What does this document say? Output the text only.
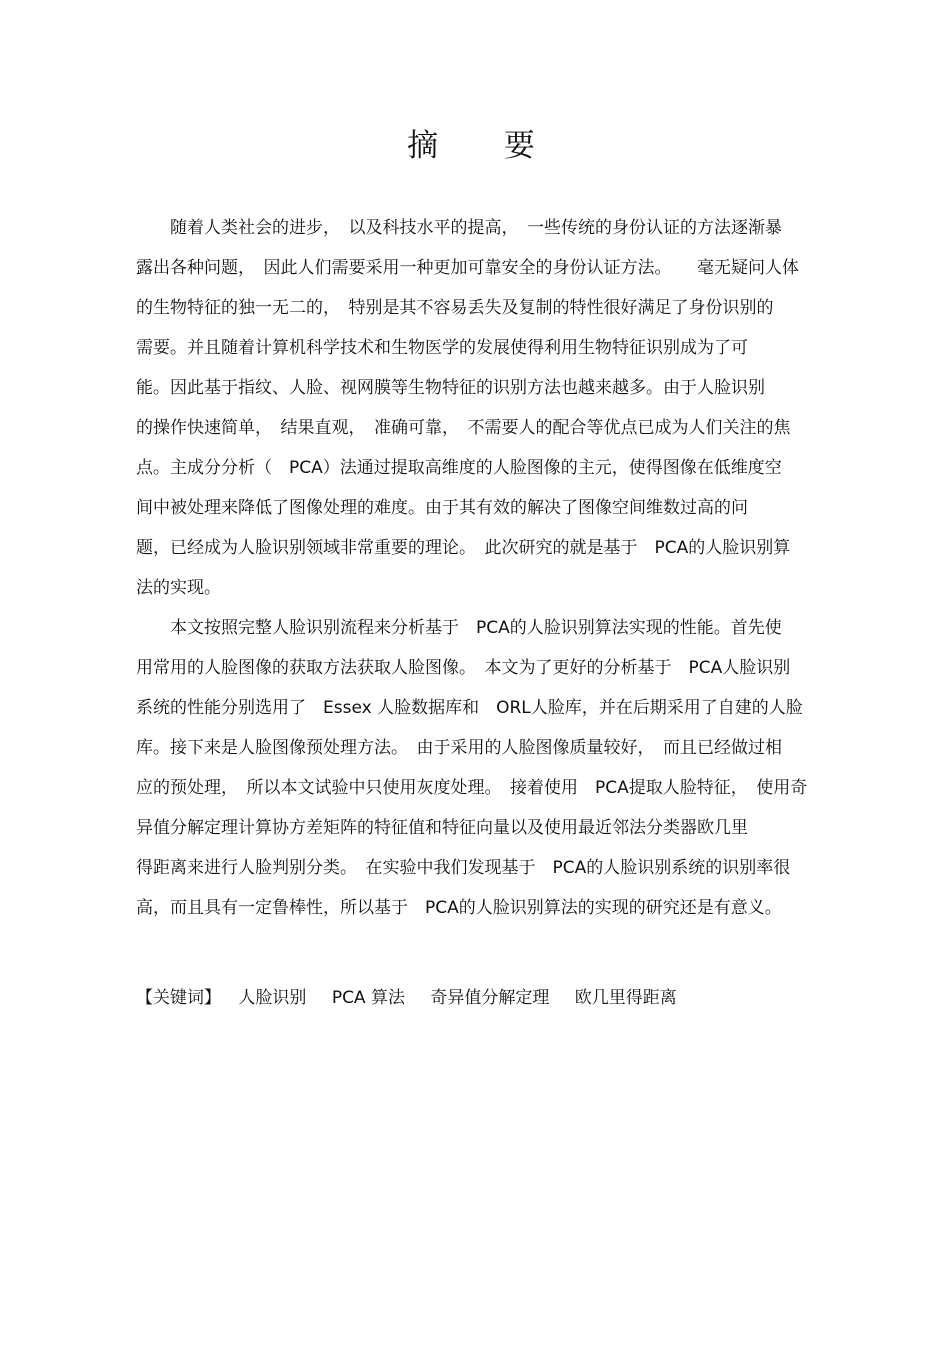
摘 要
　　随着人类社会的进步，　以及科技水平的提高，　一些传统的身份认证的方法逐渐暴
露出各种问题，　因此人们需要采用一种更加可靠安全的身份认证方法。　　毫无疑问人体
的生物特征的独一无二的，　特别是其不容易丢失及复制的特性很好满足了身份识别的
需要。并且随着计算机科学技术和生物医学的发展使得利用生物特征识别成为了可
能。因此基于指纹、人脸、视网膜等生物特征的识别方法也越来越多。由于人脸识别
的操作快速简单，　结果直观，　准确可靠，　不需要人的配合等优点已成为人们关注的焦
点。主成分分析（　PCA）法通过提取高维度的人脸图像的主元，使得图像在低维度空
间中被处理来降低了图像处理的难度。由于其有效的解决了图像空间维数过高的问
题，已经成为人脸识别领域非常重要的理论。　此次研究的就是基于　PCA的人脸识别算
法的实现。
　　本文按照完整人脸识别流程来分析基于　PCA的人脸识别算法实现的性能。首先使
用常用的人脸图像的获取方法获取人脸图像。　本文为了更好的分析基于　PCA人脸识别
系统的性能分别选用了　Essex 人脸数据库和　ORL人脸库，并在后期采用了自建的人脸
库。接下来是人脸图像预处理方法。　由于采用的人脸图像质量较好，　而且已经做过相
应的预处理，　所以本文试验中只使用灰度处理。　接着使用　PCA提取人脸特征，　使用奇
异值分解定理计算协方差矩阵的特征值和特征向量以及使用最近邻法分类器欧几里
得距离来进行人脸判别分类。　在实验中我们发现基于　PCA的人脸识别系统的识别率很
高，而且具有一定鲁棒性，所以基于　PCA的人脸识别算法的实现的研究还是有意义。
【关键词】 人脸识别 PCA 算法 奇异值分解定理 欧几里得距离
